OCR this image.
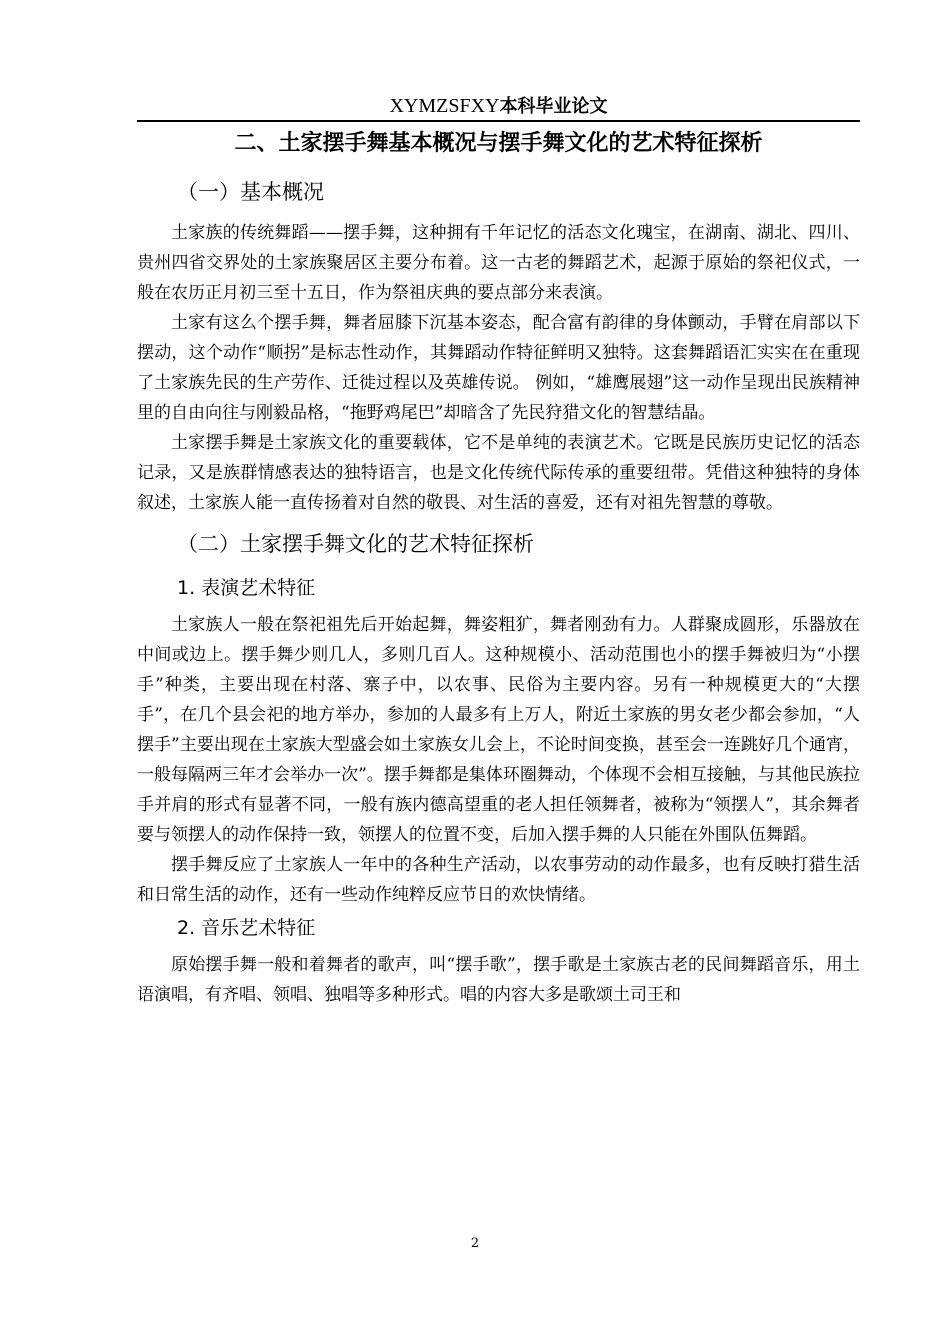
XYMZSFXY本科毕业论文
二、土家摆手舞基本概况与摆手舞文化的艺术特征探析
（一）基本概况

土家族的传统舞蹈——摆手舞，这种拥有千年记忆的活态文化瑰宝，在湖南、湖北、四川、贵州四省交界处的土家族聚居区主要分布着。这一古老的舞蹈艺术，起源于原始的祭祀仪式，一般在农历正月初三至十五日，作为祭祖庆典的要点部分来表演。

土家有这么个摆手舞，舞者屈膝下沉基本姿态，配合富有韵律的身体颤动，手臂在肩部以下摆动，这个动作“顺拐”是标志性动作，其舞蹈动作特征鲜明又独特。这套舞蹈语汇实实在在重现了土家族先民的生产劳作、迁徙过程以及英雄传说。 例如，“雄鹰展翅”这一动作呈现出民族精神里的自由向往与刚毅品格，“拖野鸡尾巴”却暗含了先民狩猎文化的智慧结晶。

土家摆手舞是土家族文化的重要载体，它不是单纯的表演艺术。它既是民族历史记忆的活态记录，又是族群情感表达的独特语言，也是文化传统代际传承的重要纽带。凭借这种独特的身体叙述，土家族人能一直传扬着对自然的敬畏、对生活的喜爱，还有对祖先智慧的尊敬。

（二）土家摆手舞文化的艺术特征探析
1. 表演艺术特征

土家族人一般在祭祀祖先后开始起舞，舞姿粗犷，舞者刚劲有力。人群聚成圆形，乐器放在中间或边上。摆手舞少则几人，多则几百人。这种规模小、活动范围也小的摆手舞被归为“小摆手”种类，主要出现在村落、寨子中，以农事、民俗为主要内容。另有一种规模更大的“大摆手”，在几个县会祀的地方举办，参加的人最多有上万人，附近土家族的男女老少都会参加，“人摆手”主要出现在土家族大型盛会如土家族女儿会上，不论时间变换，甚至会一连跳好几个通宵，一般每隔两三年才会举办一次”。摆手舞都是集体环圈舞动，个体现不会相互接触，与其他民族拉手并肩的形式有显著不同，一般有族内德高望重的老人担任领舞者，被称为“领摆人”，其余舞者要与领摆人的动作保持一致，领摆人的位置不变，后加入摆手舞的人只能在外围队伍舞蹈。

摆手舞反应了土家族人一年中的各种生产活动，以农事劳动的动作最多，也有反映打猎生活和日常生活的动作，还有一些动作纯粹反应节日的欢快情绪。

2. 音乐艺术特征

原始摆手舞一般和着舞者的歌声，叫“摆手歌”，摆手歌是土家族古老的民间舞蹈音乐，用土语演唱，有齐唱、领唱、独唱等多种形式。唱的内容大多是歌颂土司王和

2
